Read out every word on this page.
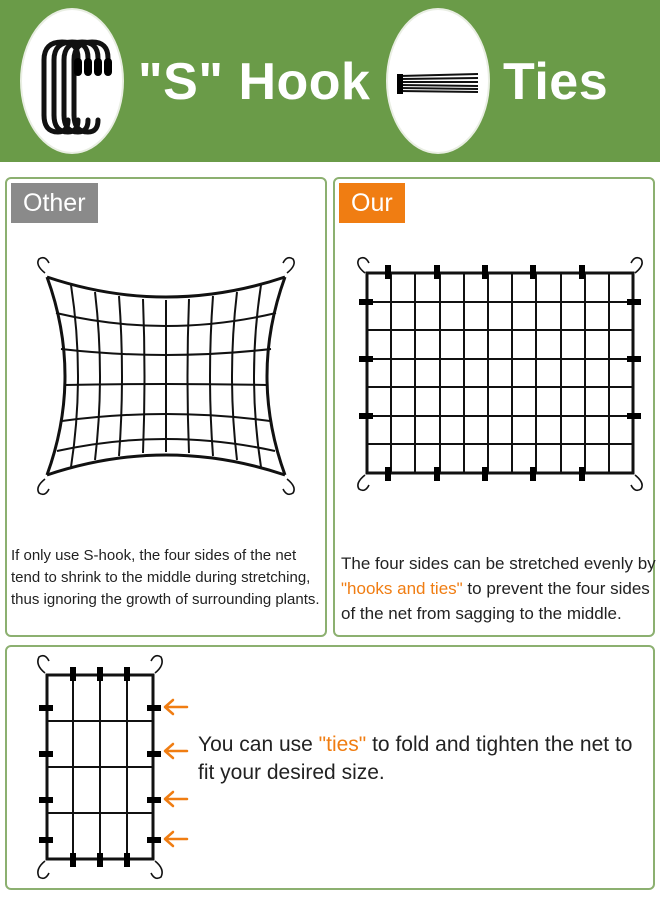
"S" Hook	Ties
Other
If only use S-hook, the four sides of the net tend to shrink to the middle during stretching, thus ignoring the growth of surrounding plants.
Our
The four sides can be stretched evenly by "hooks and ties" to prevent the four sides of the net from sagging to the middle.
You can use "ties" to fold and tighten the net to fit your desired size.
